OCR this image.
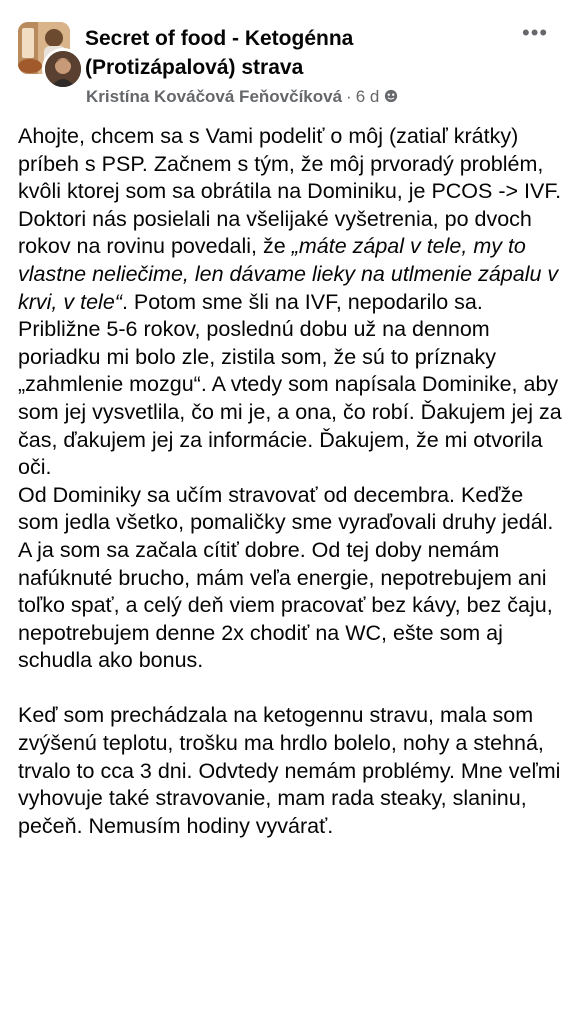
Secret of food - Ketogénna (Protizápalová) strava
Kristína Kováčová Feňovčíková · 6 d
•••

Ahojte, chcem sa s Vami podeliť o môj (zatiaľ krátky) príbeh s PSP. Začnem s tým, že môj prvoradý problém, kvôli ktorej som sa obrátila na Dominiku, je PCOS -> IVF. Doktori nás posielali na všelijaké vyšetrenia, po dvoch rokov na rovinu povedali, že „máte zápal v tele, my to vlastne neliečime, len dávame lieky na utlmenie zápalu v krvi, v tele“. Potom sme šli na IVF, nepodarilo sa. Približne 5-6 rokov, poslednú dobu už na dennom poriadku mi bolo zle, zistila som, že sú to príznaky „zahmlenie mozgu“. A vtedy som napísala Dominike, aby som jej vysvetlila, čo mi je, a ona, čo robí. Ďakujem jej za čas, ďakujem jej za informácie. Ďakujem, že mi otvorila oči.
Od Dominiky sa učím stravovať od decembra. Keďže som jedla všetko, pomaličky sme vyraďovali druhy jedál. A ja som sa začala cítiť dobre. Od tej doby nemám nafúknuté brucho, mám veľa energie, nepotrebujem ani toľko spať, a celý deň viem pracovať bez kávy, bez čaju, nepotrebujem denne 2x chodiť na WC, ešte som aj schudla ako bonus.

Keď som prechádzala na ketogennu stravu, mala som zvýšenú teplotu, trošku ma hrdlo bolelo, nohy a stehná, trvalo to cca 3 dni. Odvtedy nemám problémy. Mne veľmi vyhovuje také stravovanie, mam rada steaky, slaninu, pečeň. Nemusím hodiny vyvárať.
